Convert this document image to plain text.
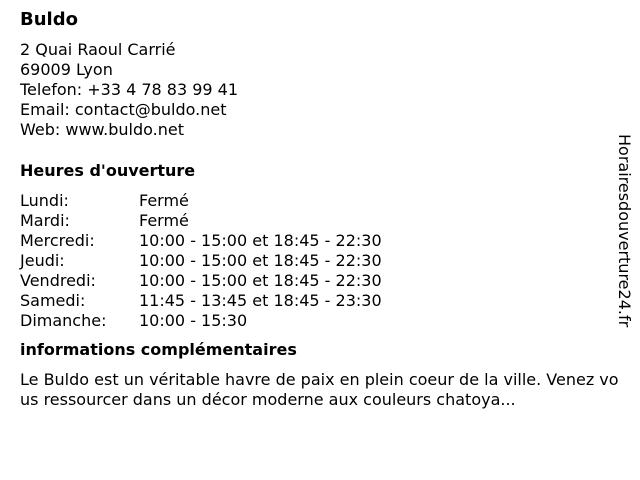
Buldo
2 Quai Raoul Carrié
69009 Lyon
Telefon: +33 4 78 83 99 41
Email: contact@buldo.net
Web: www.buldo.net
Heures d'ouverture
Lundi:	Fermé
Mardi:	Fermé
Mercredi:	10:00 - 15:00 et 18:45 - 22:30
Jeudi:	10:00 - 15:00 et 18:45 - 22:30
Vendredi:	10:00 - 15:00 et 18:45 - 22:30
Samedi:	11:45 - 13:45 et 18:45 - 23:30
Dimanche:	10:00 - 15:30
informations complémentaires

Le Buldo est un véritable havre de paix en plein coeur de la ville. Venez vous ressourcer dans un décor moderne aux couleurs chatoya...

Horairesdouverture24.fr
